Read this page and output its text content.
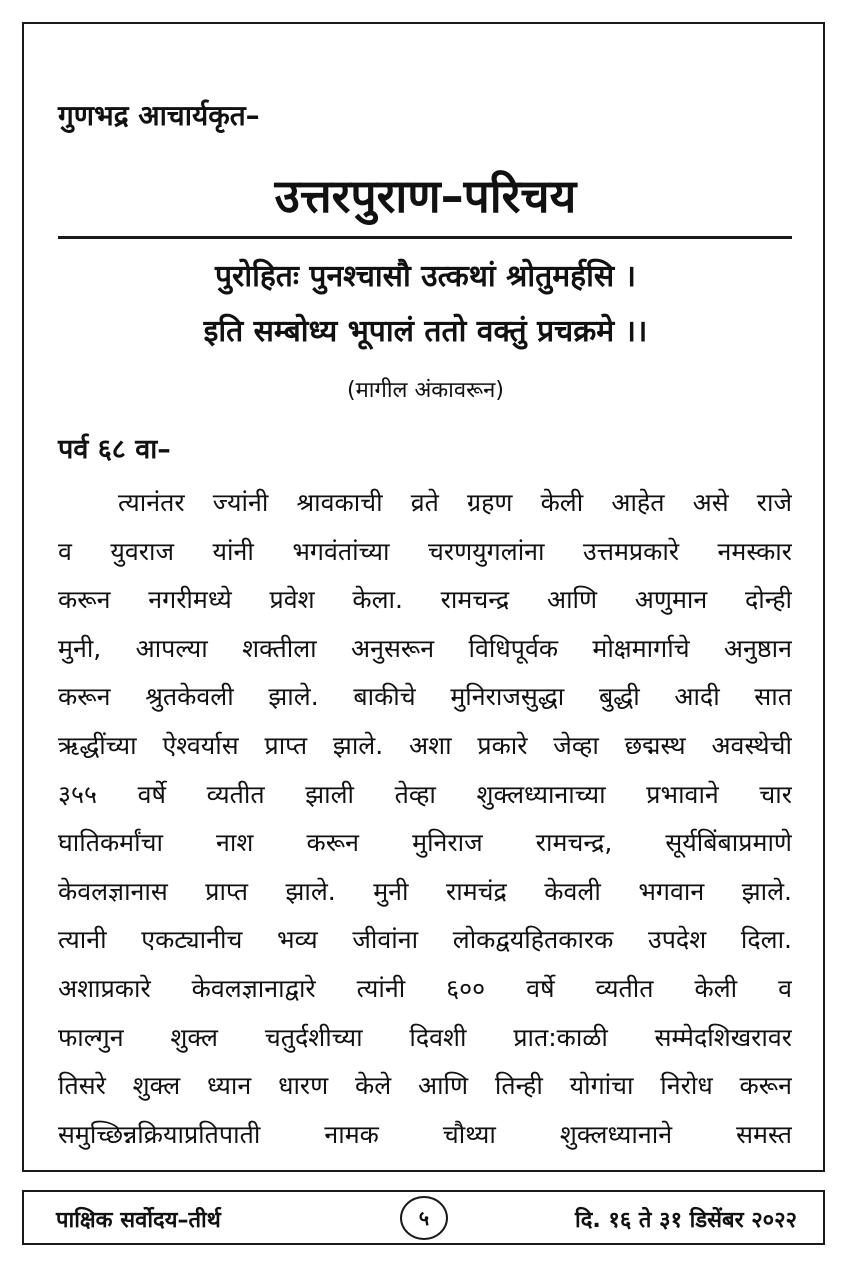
गुणभद्र आचार्यकृत–
उत्तरपुराण–परिचय
पुरोहितः पुनश्चासौ उत्कथां श्रोतुमर्हसि ।
इति सम्बोध्य भूपालं ततो वक्तुं प्रचक्रमे ।।
(मागील अंकावरून)
पर्व ६८ वा–
त्यानंतर ज्यांनी श्रावकाची व्रते ग्रहण केली आहेत असे राजे
व युवराज यांनी भगवंतांच्या चरणयुगलांना उत्तमप्रकारे नमस्कार
करून नगरीमध्ये प्रवेश केला. रामचन्द्र आणि अणुमान दोन्ही
मुनी, आपल्या शक्तीला अनुसरून विधिपूर्वक मोक्षमार्गाचे अनुष्ठान
करून श्रुतकेवली झाले. बाकीचे मुनिराजसुद्धा बुद्धी आदी सात
ऋद्धींच्या ऐश्वर्यास प्राप्त झाले. अशा प्रकारे जेव्हा छद्मस्थ अवस्थेची
३५५ वर्षे व्यतीत झाली तेव्हा शुक्लध्यानाच्या प्रभावाने चार
घातिकर्मांचा नाश करून मुनिराज रामचन्द्र, सूर्यबिंबाप्रमाणे
केवलज्ञानास प्राप्त झाले. मुनी रामचंद्र केवली भगवान झाले.
त्यानी एकट्यानीच भव्य जीवांना लोकद्वयहितकारक उपदेश दिला.
अशाप्रकारे केवलज्ञानाद्वारे त्यांनी ६०० वर्षे व्यतीत केली व
फाल्गुन शुक्ल चतुर्दशीच्या दिवशी प्रात:काळी सम्मेदशिखरावर
तिसरे शुक्ल ध्यान धारण केले आणि तिन्ही योगांचा निरोध करून
समुच्छिन्नक्रियाप्रतिपाती नामक चौथ्या शुक्लध्यानाने समस्त
पाक्षिक सर्वोदय–तीर्थ	५	दि. १६ ते ३१ डिसेंबर २०२२
